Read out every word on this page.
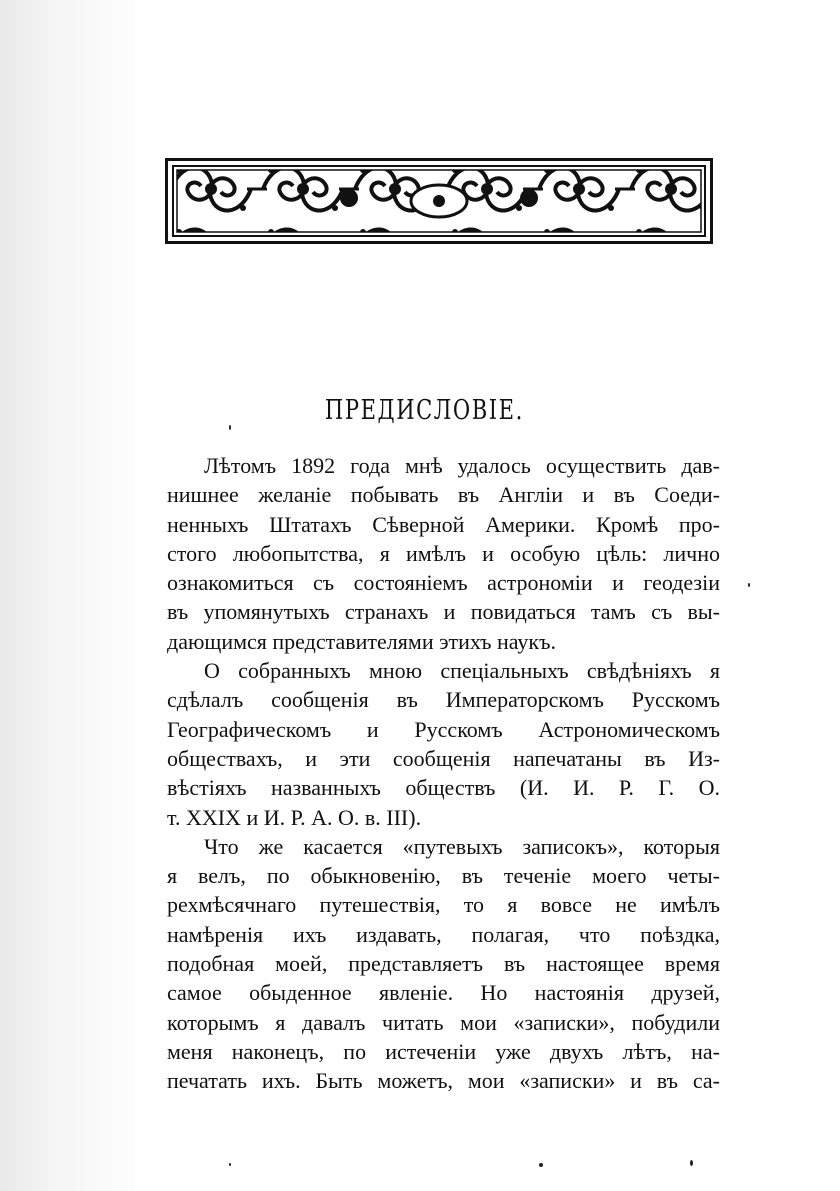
ПРЕДИСЛОВІЕ.
Лѣтомъ 1892 года мнѣ удалось осуществить дав-
нишнее желаніе побывать въ Англіи и въ Соеди-
ненныхъ Штатахъ Сѣверной Америки. Кромѣ про-
стого любопытства, я имѣлъ и особую цѣль: лично
ознакомиться съ состояніемъ астрономіи и геодезіи
въ упомянутыхъ странахъ и повидаться тамъ съ вы-
дающимся представителями этихъ наукъ.
О собранныхъ мною спеціальныхъ свѣдѣніяхъ я
сдѣлалъ сообщенія въ Императорскомъ Русскомъ
Географическомъ и Русскомъ Астрономическомъ
обществахъ, и эти сообщенія напечатаны въ Из-
вѣстіяхъ названныхъ обществъ (И. И. Р. Г. О.
т. XXIX и И. Р. А. О. в. III).
Что же касается «путевыхъ записокъ», которыя
я велъ, по обыкновенію, въ теченіе моего четы-
рехмѣсячнаго путешествія, то я вовсе не имѣлъ
намѣренія ихъ издавать, полагая, что поѣздка,
подобная моей, представляетъ въ настоящее время
самое обыденное явленіе. Но настоянія друзей,
которымъ я давалъ читать мои «записки», побудили
меня наконецъ, по истеченіи уже двухъ лѣтъ, на-
печатать ихъ. Быть можетъ, мои «записки» и въ са-
